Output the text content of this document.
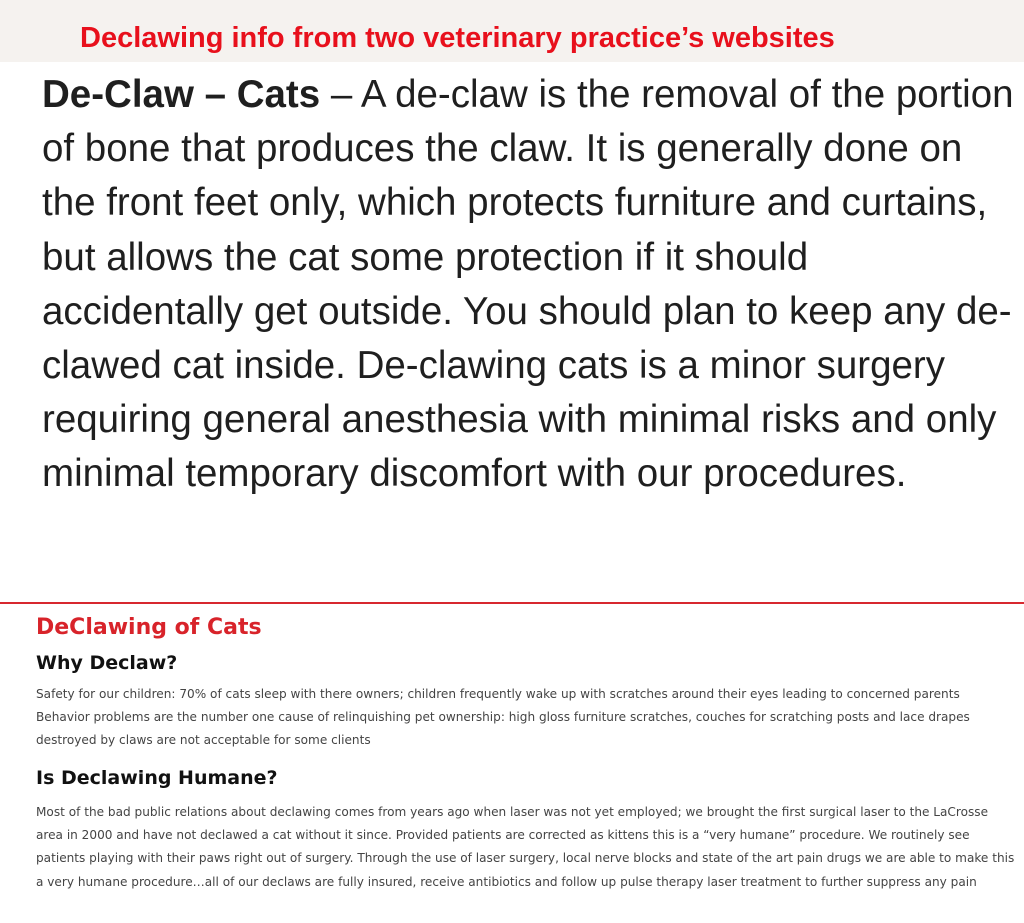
Declawing info from two veterinary practice’s websites

De-Claw – Cats – A de-claw is the removal of the portion of bone that produces the claw. It is generally done on the front feet only, which protects furniture and curtains, but allows the cat some protection if it should accidentally get outside. You should plan to keep any de-clawed cat inside. De-clawing cats is a minor surgery requiring general anesthesia with minimal risks and only minimal temporary discomfort with our procedures.

DeClawing of Cats
Why Declaw?

Safety for our children: 70% of cats sleep with there owners; children frequently wake up with scratches around their eyes leading to concerned parents Behavior problems are the number one cause of relinquishing pet ownership: high gloss furniture scratches, couches for scratching posts and lace drapes destroyed by claws are not acceptable for some clients

Is Declawing Humane?

Most of the bad public relations about declawing comes from years ago when laser was not yet employed; we brought the first surgical laser to the LaCrosse area in 2000 and have not declawed a cat without it since. Provided patients are corrected as kittens this is a “very humane” procedure. We routinely see patients playing with their paws right out of surgery. Through the use of laser surgery, local nerve blocks and state of the art pain drugs we are able to make this a very humane procedure…all of our declaws are fully insured, receive antibiotics and follow up pulse therapy laser treatment to further suppress any pain
